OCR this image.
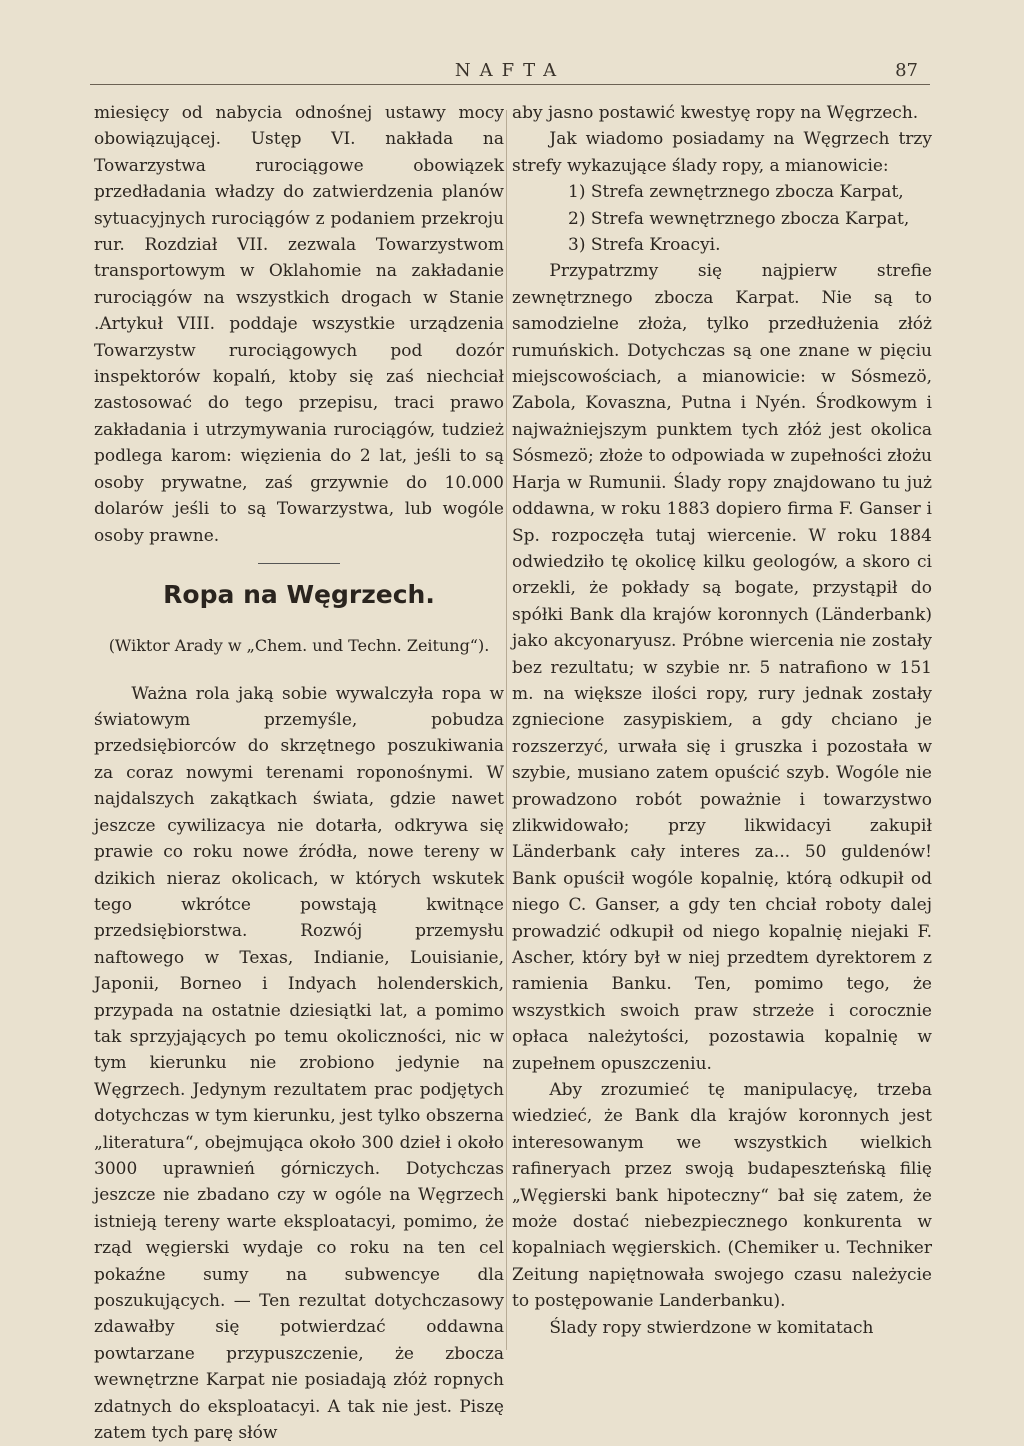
NAFTA	87

miesięcy od nabycia odnośnej ustawy mocy obowiązującej. Ustęp VI. nakłada na Towarzystwa rurociągowe obowiązek przedładania władzy do zatwierdzenia planów sytuacyjnych rurociągów z podaniem przekroju rur. Rozdział VII. zezwala Towarzystwom transportowym w Oklahomie na zakładanie rurociągów na wszystkich drogach w Stanie .Artykuł VIII. poddaje wszystkie urządzenia Towarzystw rurociągowych pod dozór inspektorów kopalń, ktoby się zaś niechciał zastosować do tego przepisu, traci prawo zakładania i utrzymywania rurociągów, tudzież podlega karom: więzienia do 2 lat, jeśli to są osoby prywatne, zaś grzywnie do 10.000 dolarów jeśli to są Towarzystwa, lub wogóle osoby prawne.

Ropa na Węgrzech.

(Wiktor Arady w „Chem. und Techn. Zeitung“).

Ważna rola jaką sobie wywalczyła ropa w światowym przemyśle, pobudza przedsiębiorców do skrzętnego poszukiwania za coraz nowymi terenami roponośnymi. W najdalszych zakątkach świata, gdzie nawet jeszcze cywilizacya nie dotarła, odkrywa się prawie co roku nowe źródła, nowe tereny w dzikich nieraz okolicach, w których wskutek tego wkrótce powstają kwitnące przedsiębiorstwa. Rozwój przemysłu naftowego w Texas, Indianie, Louisianie, Japonii, Borneo i Indyach holenderskich, przypada na ostatnie dziesiątki lat, a pomimo tak sprzyjających po temu okoliczności, nic w tym kierunku nie zrobiono jedynie na Węgrzech. Jedynym rezultatem prac podjętych dotychczas w tym kierunku, jest tylko obszerna „literatura“, obejmująca około 300 dzieł i około 3000 uprawnień górniczych. Dotychczas jeszcze nie zbadano czy w ogóle na Węgrzech istnieją tereny warte eksploatacyi, pomimo, że rząd węgierski wydaje co roku na ten cel pokaźne sumy na subwencye dla poszukujących. — Ten rezultat dotychczasowy zdawałby się potwierdzać oddawna powtarzane przypuszczenie, że zbocza wewnętrzne Karpat nie posiadają złóż ropnych zdatnych do eksploatacyi. A tak nie jest. Piszę zatem tych parę słów

aby jasno postawić kwestyę ropy na Węgrzech.

Jak wiadomo posiadamy na Węgrzech trzy strefy wykazujące ślady ropy, a mianowicie:

1) Strefa zewnętrznego zbocza Karpat,

2) Strefa wewnętrznego zbocza Karpat,

3) Strefa Kroacyi.

Przypatrzmy się najpierw strefie zewnętrznego zbocza Karpat. Nie są to samodzielne złoża, tylko przedłużenia złóż rumuńskich. Dotychczas są one znane w pięciu miejscowościach, a mianowicie: w Sósmezö, Zabola, Kovaszna, Putna i Nyén. Środkowym i najważniejszym punktem tych złóż jest okolica Sósmezö; złoże to odpowiada w zupełności złożu Harja w Rumunii. Ślady ropy znajdowano tu już oddawna, w roku 1883 dopiero firma F. Ganser i Sp. rozpoczęła tutaj wiercenie. W roku 1884 odwiedziło tę okolicę kilku geologów, a skoro ci orzekli, że pokłady są bogate, przystąpił do spółki Bank dla krajów koronnych (Länderbank) jako akcyonaryusz. Próbne wiercenia nie zostały bez rezultatu; w szybie nr. 5 natrafiono w 151 m. na większe ilości ropy, rury jednak zostały zgniecione zasypiskiem, a gdy chciano je rozszerzyć, urwała się i gruszka i pozostała w szybie, musiano zatem opuścić szyb. Wogóle nie prowadzono robót poważnie i towarzystwo zlikwidowało; przy likwidacyi zakupił Länderbank cały interes za... 50 guldenów! Bank opuścił wogóle kopalnię, którą odkupił od niego C. Ganser, a gdy ten chciał roboty dalej prowadzić odkupił od niego kopalnię niejaki F. Ascher, który był w niej przedtem dyrektorem z ramienia Banku. Ten, pomimo tego, że wszystkich swoich praw strzeże i corocznie opłaca należytości, pozostawia kopalnię w zupełnem opuszczeniu.

Aby zrozumieć tę manipulacyę, trzeba wiedzieć, że Bank dla krajów koronnych jest interesowanym we wszystkich wielkich rafineryach przez swoją budapeszteńską filię „Węgierski bank hipoteczny“ bał się zatem, że może dostać niebezpiecznego konkurenta w kopalniach węgierskich. (Chemiker u. Techniker Zeitung napiętnowała swojego czasu należycie to postępowanie Landerbanku).

Ślady ropy stwierdzone w komitatach
